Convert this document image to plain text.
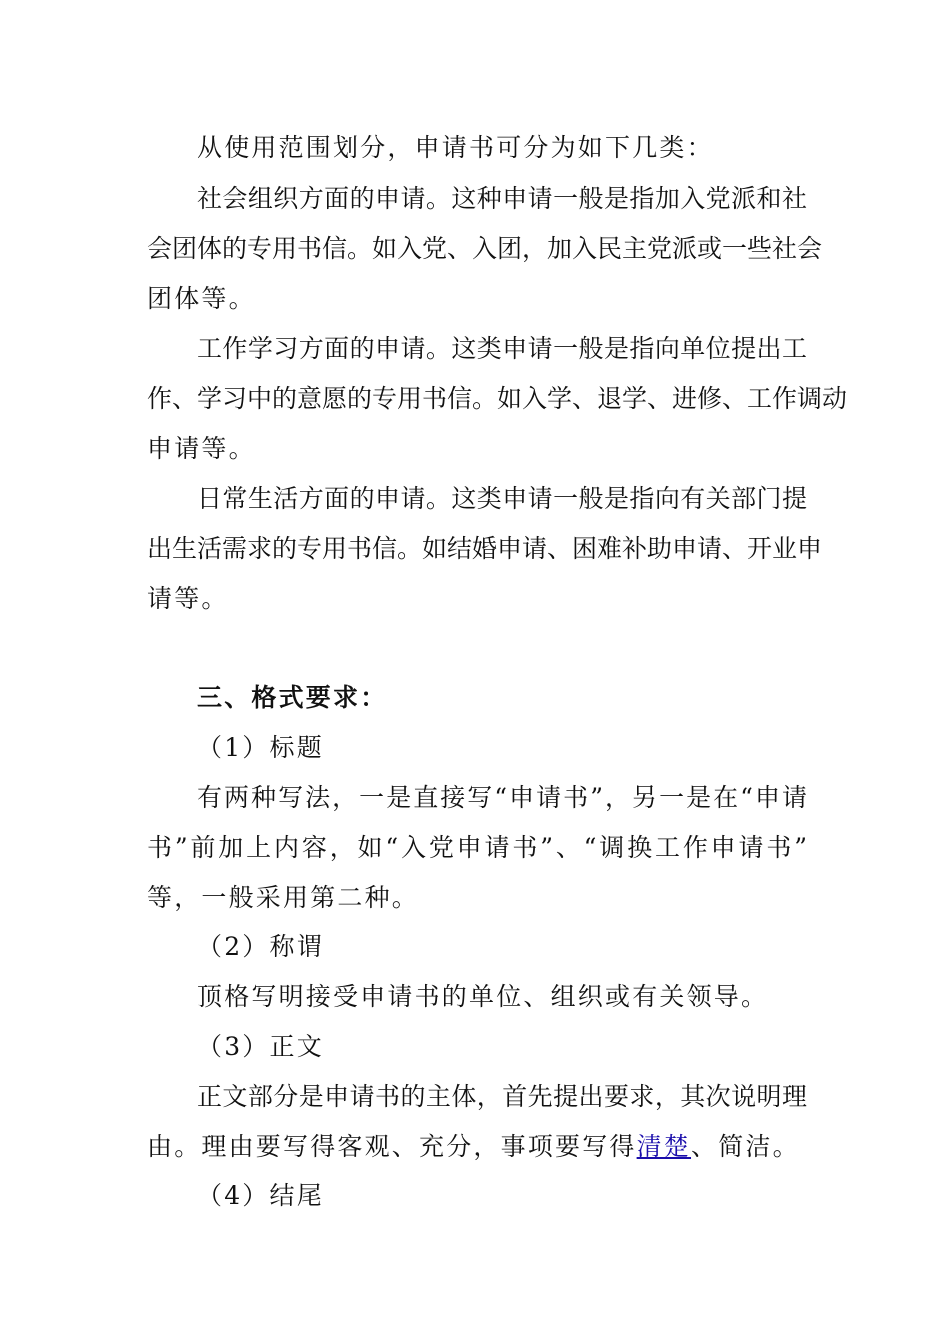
从使用范围划分，申请书可分为如下几类：
社会组织方面的申请。这种申请一般是指加入党派和社
会团体的专用书信。如入党、入团，加入民主党派或一些社会
团体等。
工作学习方面的申请。这类申请一般是指向单位提出工
作、学习中的意愿的专用书信。如入学、退学、进修、工作调动
申请等。
日常生活方面的申请。这类申请一般是指向有关部门提
出生活需求的专用书信。如结婚申请、困难补助申请、开业申
请等。
三、格式要求：
（1）标题
有两种写法，一是直接写“申请书”，另一是在“申请
书”前加上内容，如“入党申请书”、“调换工作申请书”
等，一般采用第二种。
（2）称谓
顶格写明接受申请书的单位、组织或有关领导。
（3）正文
正文部分是申请书的主体，首先提出要求，其次说明理
由。理由要写得客观、充分，事项要写得清楚、简洁。
（4）结尾
